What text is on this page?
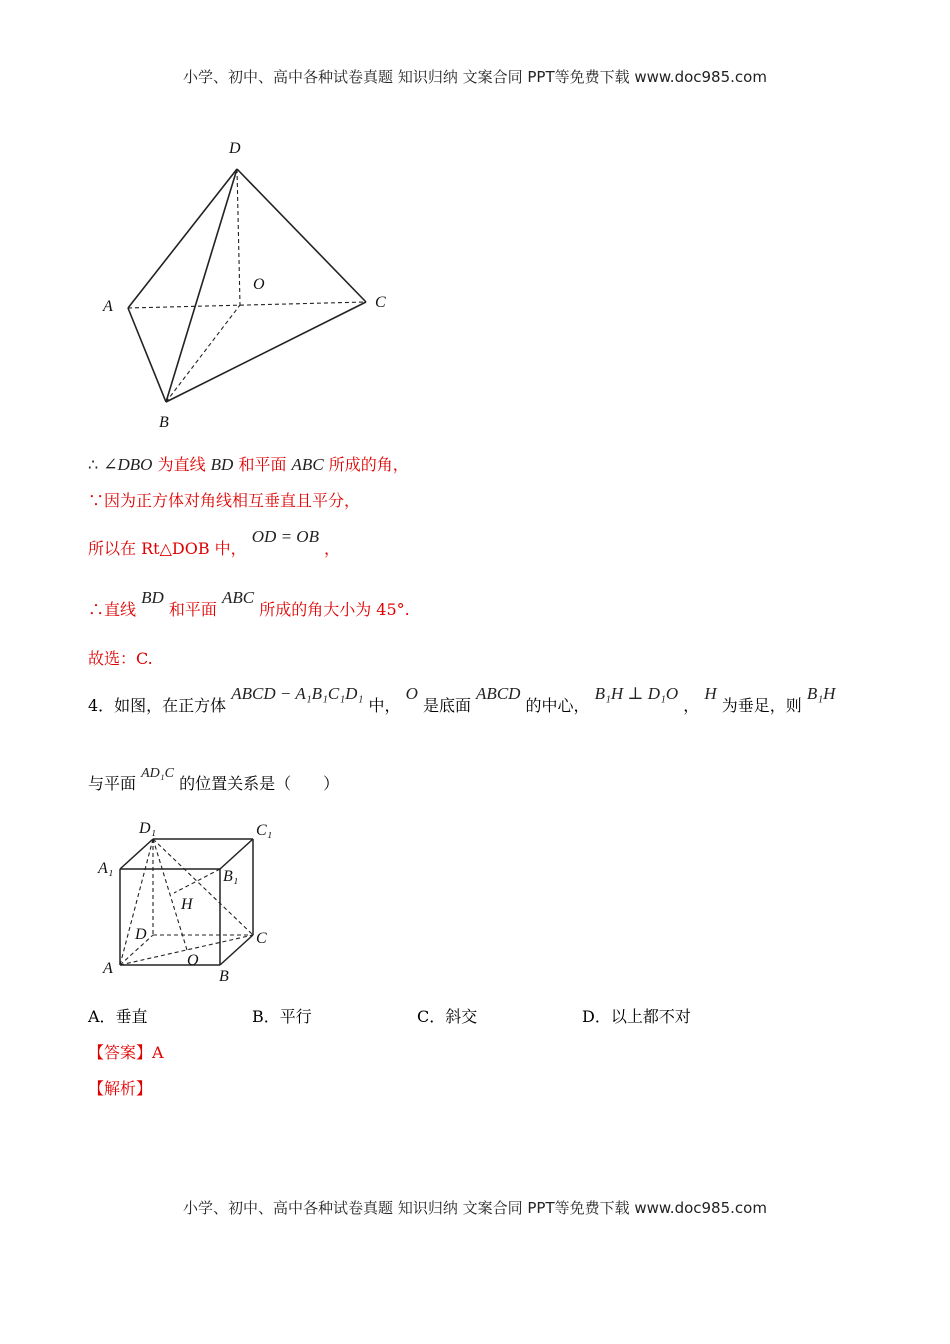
小学、初中、高中各种试卷真题 知识归纳 文案合同 PPT等免费下载 www.doc985.com
D
O
A	C
B
∴ ∠DBO 为直线 BD 和平面 ABC 所成的角，
∵因为正方体对角线相互垂直且平分，
所以在 Rt△DOB 中， OD = OB ，
∴直线 BD 和平面 ABC 所成的角大小为 45°.
故选：C.
4．如图，在正方体 ABCD − A₁B₁C₁D₁ 中， O 是底面 ABCD 的中心， B₁H ⊥ D₁O ， H 为垂足，则 B₁H
与平面 AD₁C 的位置关系是（　　）
D₁	C₁
A₁	B₁
H
D	C
A	O
B
A．垂直	B．平行	C．斜交	D．以上都不对
【答案】A
【解析】
小学、初中、高中各种试卷真题 知识归纳 文案合同 PPT等免费下载 www.doc985.com
